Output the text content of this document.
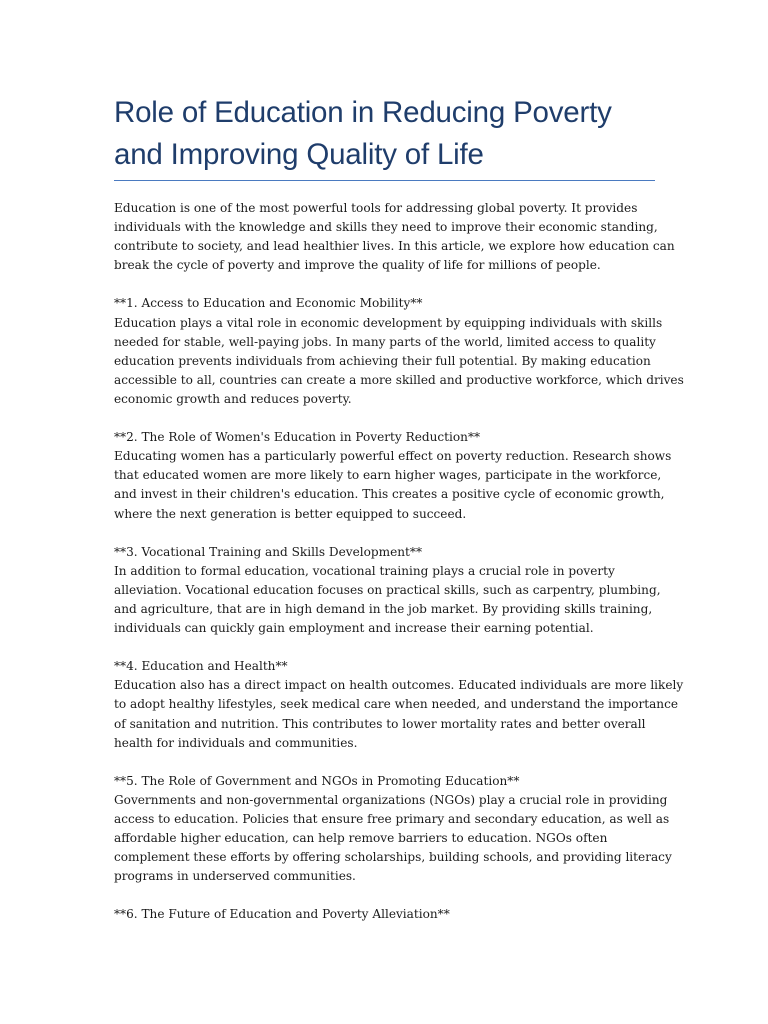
Role of Education in Reducing Poverty
and Improving Quality of Life

Education is one of the most powerful tools for addressing global poverty. It provides
individuals with the knowledge and skills they need to improve their economic standing,
contribute to society, and lead healthier lives. In this article, we explore how education can
break the cycle of poverty and improve the quality of life for millions of people.

**1. Access to Education and Economic Mobility**
Education plays a vital role in economic development by equipping individuals with skills
needed for stable, well-paying jobs. In many parts of the world, limited access to quality
education prevents individuals from achieving their full potential. By making education
accessible to all, countries can create a more skilled and productive workforce, which drives
economic growth and reduces poverty.

**2. The Role of Women's Education in Poverty Reduction**
Educating women has a particularly powerful effect on poverty reduction. Research shows
that educated women are more likely to earn higher wages, participate in the workforce,
and invest in their children's education. This creates a positive cycle of economic growth,
where the next generation is better equipped to succeed.

**3. Vocational Training and Skills Development**
In addition to formal education, vocational training plays a crucial role in poverty
alleviation. Vocational education focuses on practical skills, such as carpentry, plumbing,
and agriculture, that are in high demand in the job market. By providing skills training,
individuals can quickly gain employment and increase their earning potential.

**4. Education and Health**
Education also has a direct impact on health outcomes. Educated individuals are more likely
to adopt healthy lifestyles, seek medical care when needed, and understand the importance
of sanitation and nutrition. This contributes to lower mortality rates and better overall
health for individuals and communities.

**5. The Role of Government and NGOs in Promoting Education**
Governments and non-governmental organizations (NGOs) play a crucial role in providing
access to education. Policies that ensure free primary and secondary education, as well as
affordable higher education, can help remove barriers to education. NGOs often
complement these efforts by offering scholarships, building schools, and providing literacy
programs in underserved communities.

**6. The Future of Education and Poverty Alleviation**
